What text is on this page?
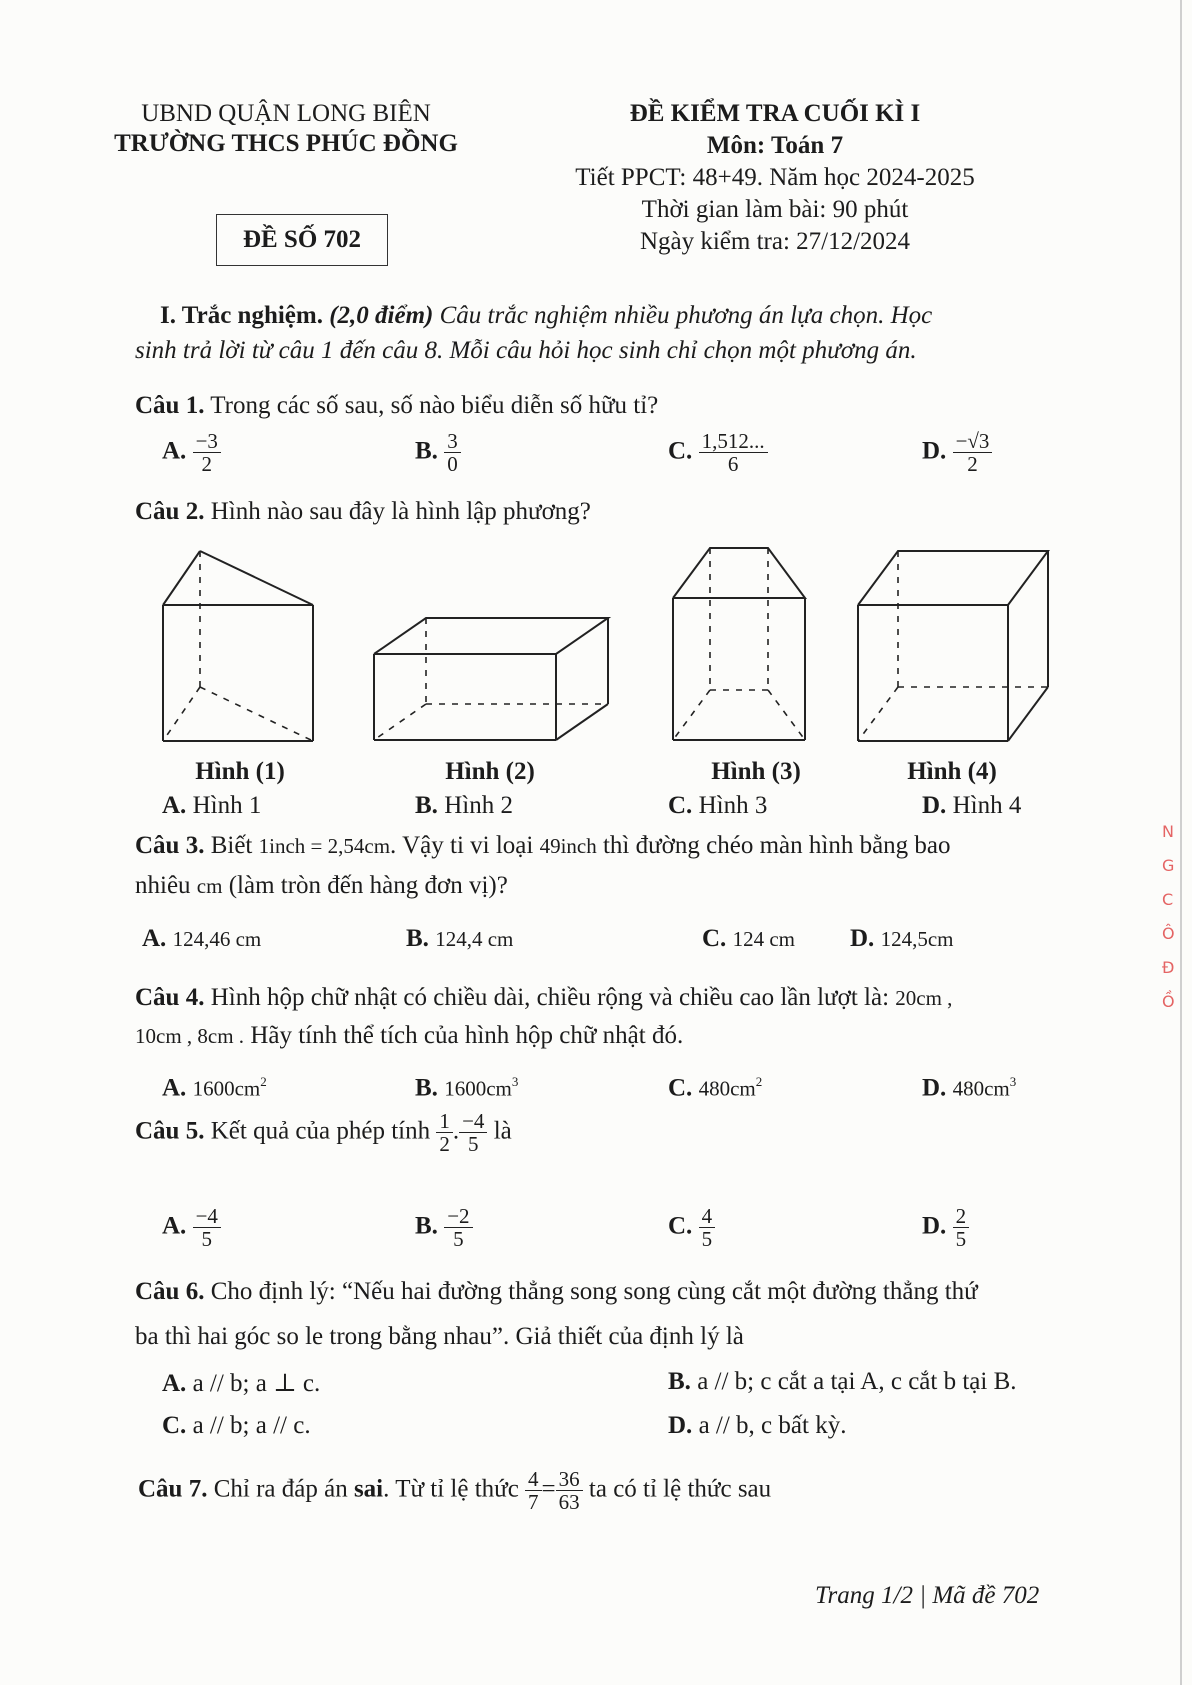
UBND QUẬN LONG BIÊN
TRƯỜNG THCS PHÚC ĐỒNG
ĐỀ SỐ 702
ĐỀ KIỂM TRA CUỐI KÌ I
Môn: Toán 7
Tiết PPCT: 48+49. Năm học 2024-2025
Thời gian làm bài: 90 phút
Ngày kiểm tra: 27/12/2024
I. Trắc nghiệm. (2,0 điểm) Câu trắc nghiệm nhiều phương án lựa chọn. Học
sinh trả lời từ câu 1 đến câu 8. Mỗi câu hỏi học sinh chỉ chọn một phương án.
Câu 1. Trong các số sau, số nào biểu diễn số hữu tỉ?
A. $\frac{-3}{2}$	B. $\frac{3}{0}$	C. $\frac{1,512...}{6}$	D. $\frac{-√3}{2}$
Câu 2. Hình nào sau đây là hình lập phương?
Hình (1)	Hình (2)	Hình (3)	Hình (4)
A. Hình 1	B. Hình 2	C. Hình 3	D. Hình 4
Câu 3. Biết 1inch = 2,54cm. Vậy ti vi loại 49inch thì đường chéo màn hình bằng bao
nhiêu cm (làm tròn đến hàng đơn vị)?
A. 124,46 cm	B. 124,4 cm	C. 124 cm D. 124,5cm
Câu 4. Hình hộp chữ nhật có chiều dài, chiều rộng và chiều cao lần lượt là: 20cm ,
10cm , 8cm . Hãy tính thể tích của hình hộp chữ nhật đó.
A. $1600cm^2$	B. $1600cm^3$	C. $480cm^2$	D. $480cm^3$
Câu 5. Kết quả của phép tính $\frac{1}{2}$ . $\frac{-4}{5}$ là
A. $\frac{-4}{5}$	B. $\frac{-2}{5}$	C. $\frac{4}{5}$	D. $\frac{2}{5}$
Câu 6. Cho định lý: “Nếu hai đường thẳng song song cùng cắt một đường thẳng thứ
ba thì hai góc so le trong bằng nhau”. Giả thiết của định lý là
A. a // b; a ⊥ c.	B. a // b; c cắt a tại A, c cắt b tại B.
C. a // b; a // c.	D. a // b, c bất kỳ.
Câu 7. Chỉ ra đáp án sai. Từ tỉ lệ thức $\frac{4}{7} = \frac{36}{63}$ ta có tỉ lệ thức sau
Trang 1/2 | Mã đề 702
NG C Ô ĐỒ
